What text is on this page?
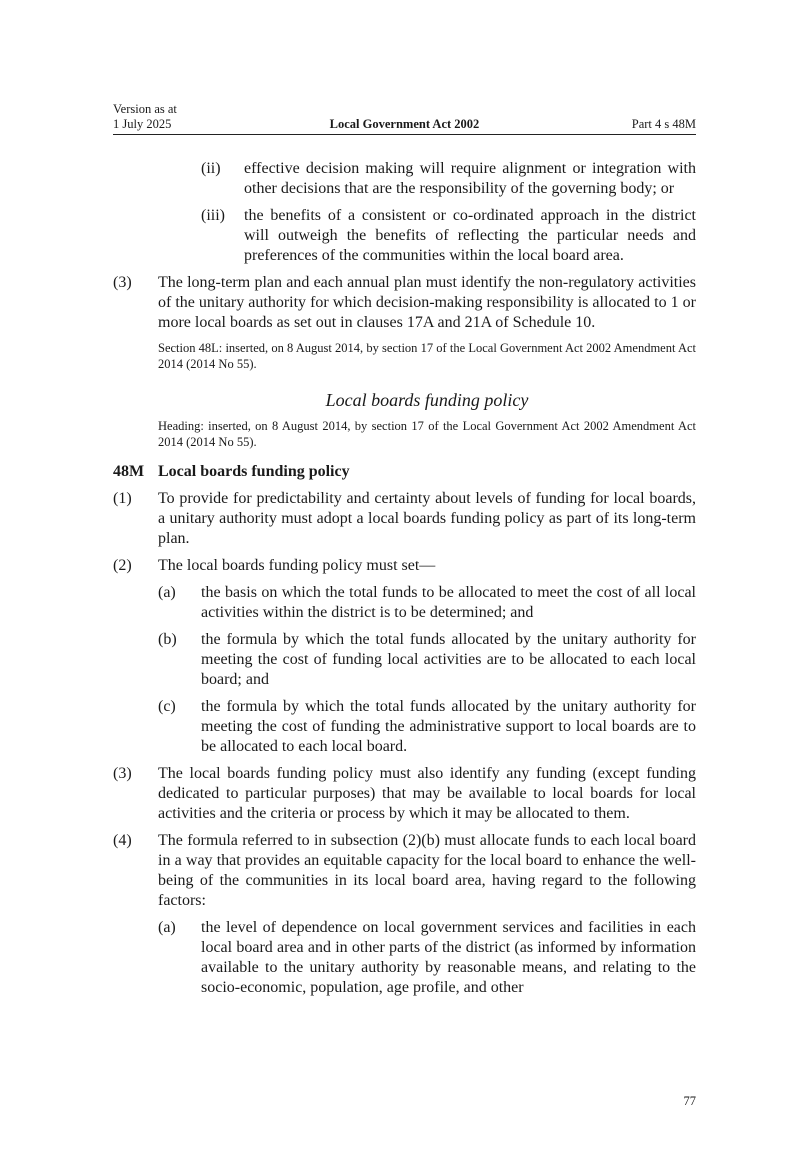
Version as at
1 July 2025	Local Government Act 2002	Part 4 s 48M
(ii) effective decision making will require alignment or integration with other decisions that are the responsibility of the governing body; or
(iii) the benefits of a consistent or co-ordinated approach in the district will outweigh the benefits of reflecting the particular needs and preferences of the communities within the local board area.
(3) The long-term plan and each annual plan must identify the non-regulatory activities of the unitary authority for which decision-making responsibility is allocated to 1 or more local boards as set out in clauses 17A and 21A of Schedule 10.
Section 48L: inserted, on 8 August 2014, by section 17 of the Local Government Act 2002 Amendment Act 2014 (2014 No 55).
Local boards funding policy
Heading: inserted, on 8 August 2014, by section 17 of the Local Government Act 2002 Amendment Act 2014 (2014 No 55).
48M Local boards funding policy
(1) To provide for predictability and certainty about levels of funding for local boards, a unitary authority must adopt a local boards funding policy as part of its long-term plan.
(2) The local boards funding policy must set—
(a) the basis on which the total funds to be allocated to meet the cost of all local activities within the district is to be determined; and
(b) the formula by which the total funds allocated by the unitary authority for meeting the cost of funding local activities are to be allocated to each local board; and
(c) the formula by which the total funds allocated by the unitary authority for meeting the cost of funding the administrative support to local boards are to be allocated to each local board.
(3) The local boards funding policy must also identify any funding (except funding dedicated to particular purposes) that may be available to local boards for local activities and the criteria or process by which it may be allocated to them.
(4) The formula referred to in subsection (2)(b) must allocate funds to each local board in a way that provides an equitable capacity for the local board to enhance the well-being of the communities in its local board area, having regard to the following factors:
(a) the level of dependence on local government services and facilities in each local board area and in other parts of the district (as informed by information available to the unitary authority by reasonable means, and relating to the socio-economic, population, age profile, and other
77
